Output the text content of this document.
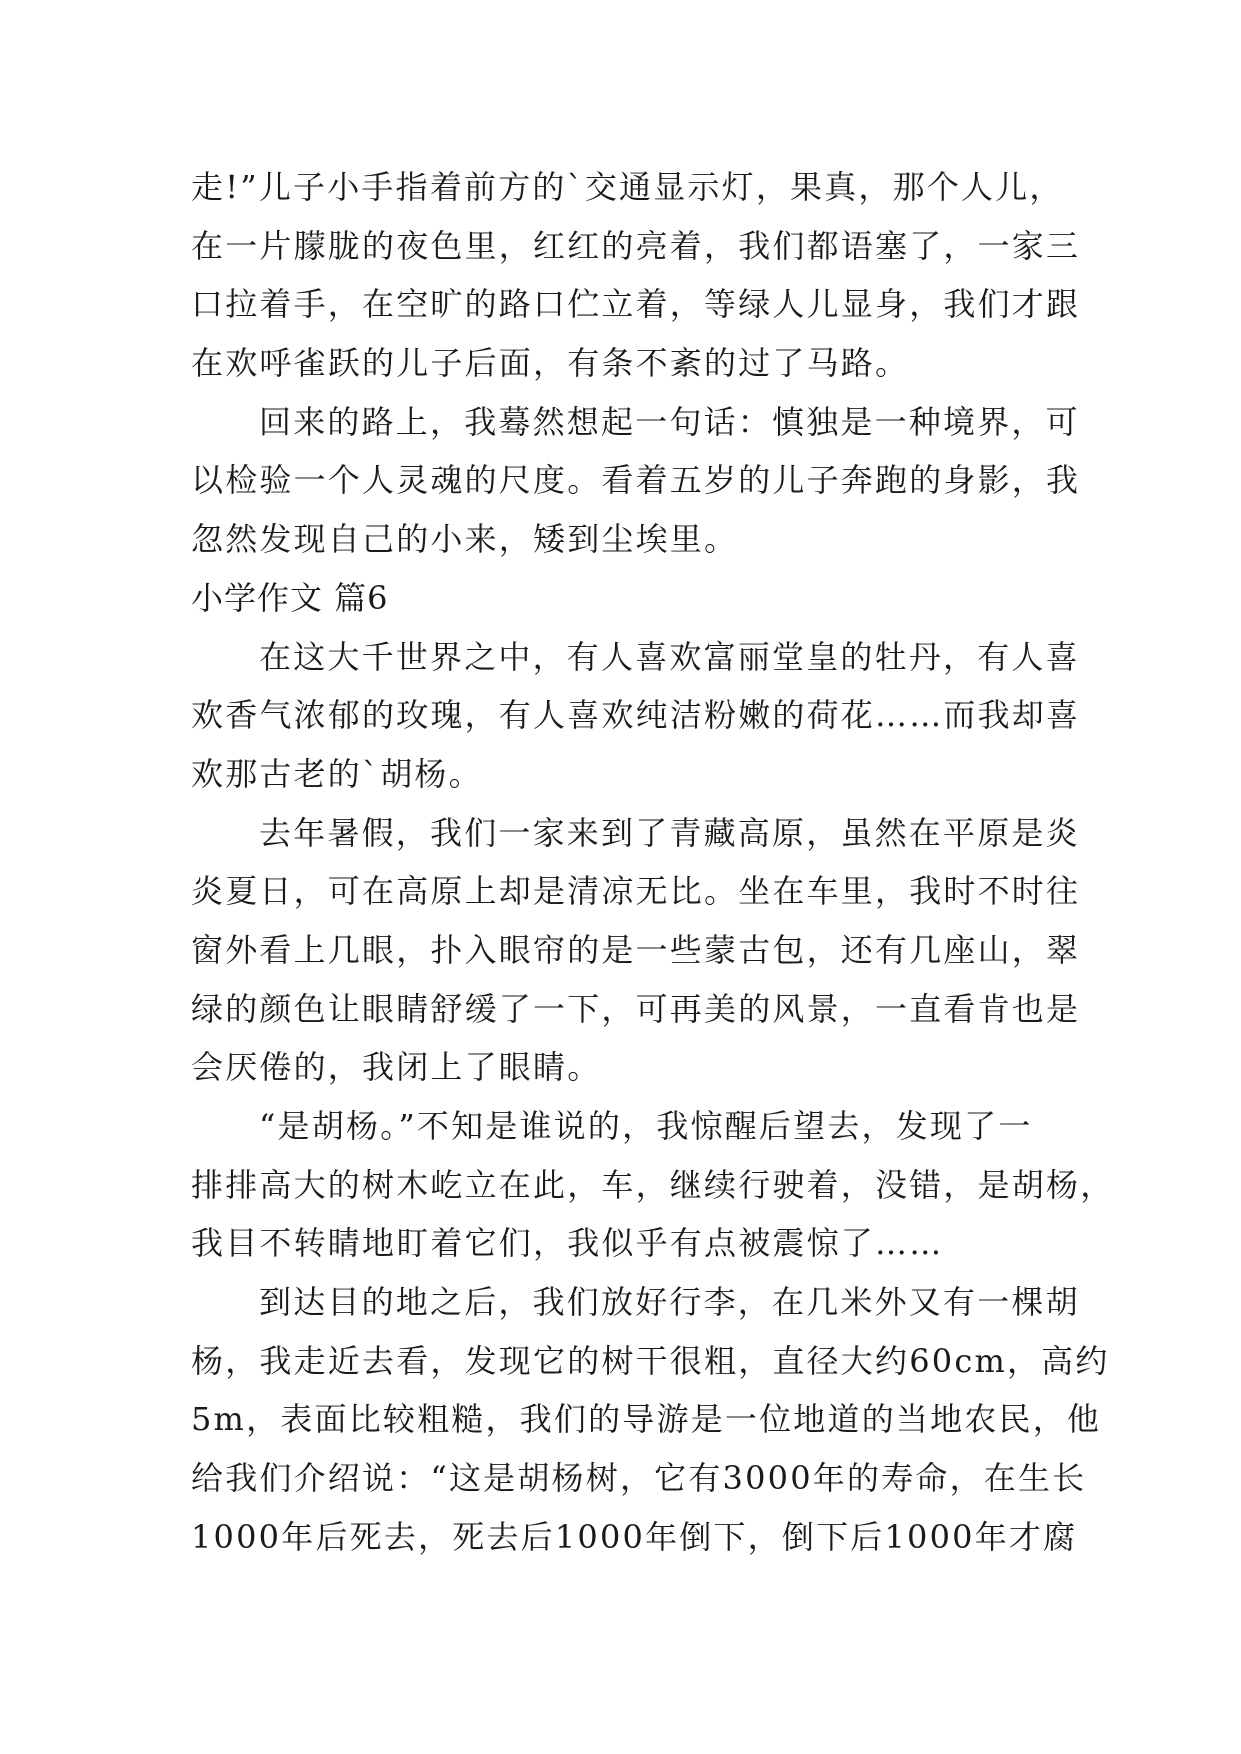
走!”儿子小手指着前方的`交通显示灯，果真，那个人儿，
在一片朦胧的夜色里，红红的亮着，我们都语塞了，一家三
口拉着手，在空旷的路口伫立着，等绿人儿显身，我们才跟
在欢呼雀跃的儿子后面，有条不紊的过了马路。
回来的路上，我蓦然想起一句话：慎独是一种境界，可
以检验一个人灵魂的尺度。看着五岁的儿子奔跑的身影，我
忽然发现自己的小来，矮到尘埃里。
小学作文 篇6
在这大千世界之中，有人喜欢富丽堂皇的牡丹，有人喜
欢香气浓郁的玫瑰，有人喜欢纯洁粉嫩的荷花……而我却喜
欢那古老的`胡杨。
去年暑假，我们一家来到了青藏高原，虽然在平原是炎
炎夏日，可在高原上却是清凉无比。坐在车里，我时不时往
窗外看上几眼，扑入眼帘的是一些蒙古包，还有几座山，翠
绿的颜色让眼睛舒缓了一下，可再美的风景，一直看肯也是
会厌倦的，我闭上了眼睛。
“是胡杨。”不知是谁说的，我惊醒后望去，发现了一
排排高大的树木屹立在此，车，继续行驶着，没错，是胡杨，
我目不转睛地盯着它们，我似乎有点被震惊了……
到达目的地之后，我们放好行李，在几米外又有一棵胡
杨，我走近去看，发现它的树干很粗，直径大约60cm，高约
5m，表面比较粗糙，我们的导游是一位地道的当地农民，他
给我们介绍说：“这是胡杨树，它有3000年的寿命，在生长
1000年后死去，死去后1000年倒下，倒下后1000年才腐
